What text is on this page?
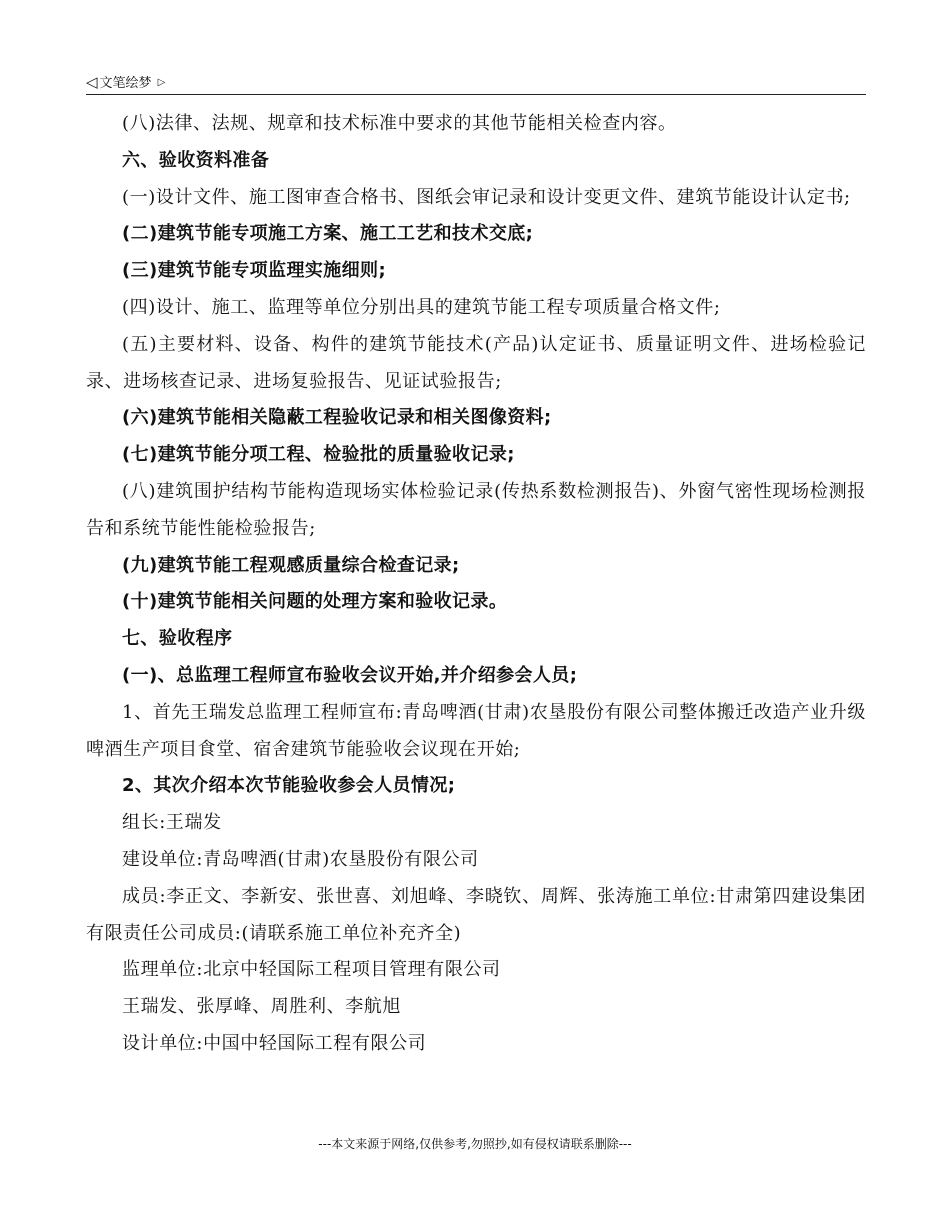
◁ 文笔绘梦 ▷

(八)法律、法规、规章和技术标准中要求的其他节能相关检查内容。

六、验收资料准备

(一)设计文件、施工图审查合格书、图纸会审记录和设计变更文件、建筑节能设计认定书;

(二)建筑节能专项施工方案、施工工艺和技术交底;

(三)建筑节能专项监理实施细则;

(四)设计、施工、监理等单位分别出具的建筑节能工程专项质量合格文件;

(五)主要材料、设备、构件的建筑节能技术(产品)认定证书、质量证明文件、进场检验记录、进场核查记录、进场复验报告、见证试验报告;

(六)建筑节能相关隐蔽工程验收记录和相关图像资料;

(七)建筑节能分项工程、检验批的质量验收记录;

(八)建筑围护结构节能构造现场实体检验记录(传热系数检测报告)、外窗气密性现场检测报告和系统节能性能检验报告;

(九)建筑节能工程观感质量综合检查记录;

(十)建筑节能相关问题的处理方案和验收记录。

七、验收程序

(一)、总监理工程师宣布验收会议开始,并介绍参会人员;

1、首先王瑞发总监理工程师宣布:青岛啤酒(甘肃)农垦股份有限公司整体搬迁改造产业升级啤酒生产项目食堂、宿舍建筑节能验收会议现在开始;

2、其次介绍本次节能验收参会人员情况;

组长:王瑞发

建设单位:青岛啤酒(甘肃)农垦股份有限公司

成员:李正文、李新安、张世喜、刘旭峰、李晓钦、周辉、张涛施工单位:甘肃第四建设集团有限责任公司成员:(请联系施工单位补充齐全)

监理单位:北京中轻国际工程项目管理有限公司

王瑞发、张厚峰、周胜利、李航旭

设计单位:中国中轻国际工程有限公司

---本文来源于网络,仅供参考,勿照抄,如有侵权请联系删除---
